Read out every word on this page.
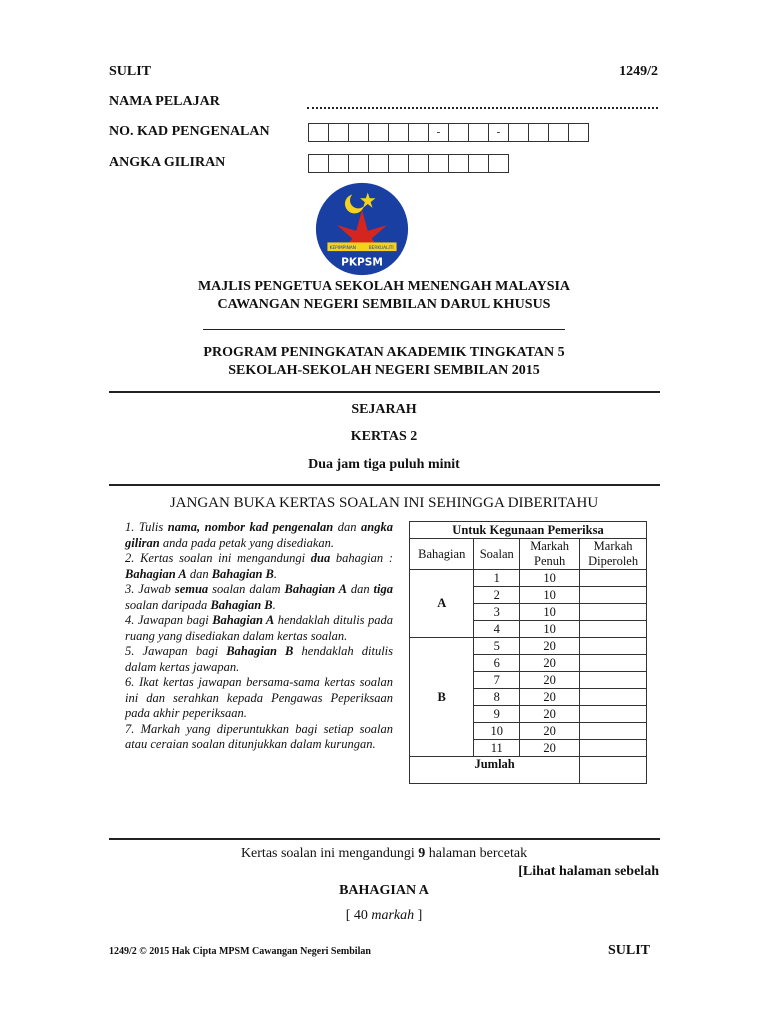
SULIT	1249/2
NAMA PELAJAR
NO. KAD PENGENALAN	-	-
ANGKA GILIRAN
KEPIMPINAN	BERKUALITI
PKPSM
MAJLIS PENGETUA SEKOLAH MENENGAH MALAYSIA
CAWANGAN NEGERI SEMBILAN DARUL KHUSUS
PROGRAM PENINGKATAN AKADEMIK TINGKATAN 5
SEKOLAH-SEKOLAH NEGERI SEMBILAN 2015
SEJARAH
KERTAS 2
Dua jam tiga puluh minit
JANGAN BUKA KERTAS SOALAN INI SEHINGGA DIBERITAHU
1. Tulis nama, nombor kad pengenalan dan angka giliran anda pada petak yang disediakan.
2. Kertas soalan ini mengandungi dua bahagian : Bahagian A dan Bahagian B.
3. Jawab semua soalan dalam Bahagian A dan tiga soalan daripada Bahagian B.
4. Jawapan bagi Bahagian A hendaklah ditulis pada ruang yang disediakan dalam kertas soalan.
5. Jawapan bagi Bahagian B hendaklah ditulis dalam kertas jawapan.
6. Ikat kertas jawapan bersama-sama kertas soalan ini dan serahkan kepada Pengawas Peperiksaan pada akhir peperiksaan.
7. Markah yang diperuntukkan bagi setiap soalan atau ceraian soalan ditunjukkan dalam kurungan.
Untuk Kegunaan Pemeriksa			
Bahagian	Soalan	Markah Penuh	Markah Diperoleh
A	1	10	
	2	10	
	3	10	
	4	10	
B	5	20	
	6	20	
	7	20	
	8	20	
	9	20	
	10	20	
	11	20	
Jumlah			
Kertas soalan ini mengandungi 9 halaman bercetak
[Lihat halaman sebelah
BAHAGIAN A
[ 40 markah ]
1249/2 © 2015 Hak Cipta MPSM Cawangan Negeri Sembilan	SULIT
